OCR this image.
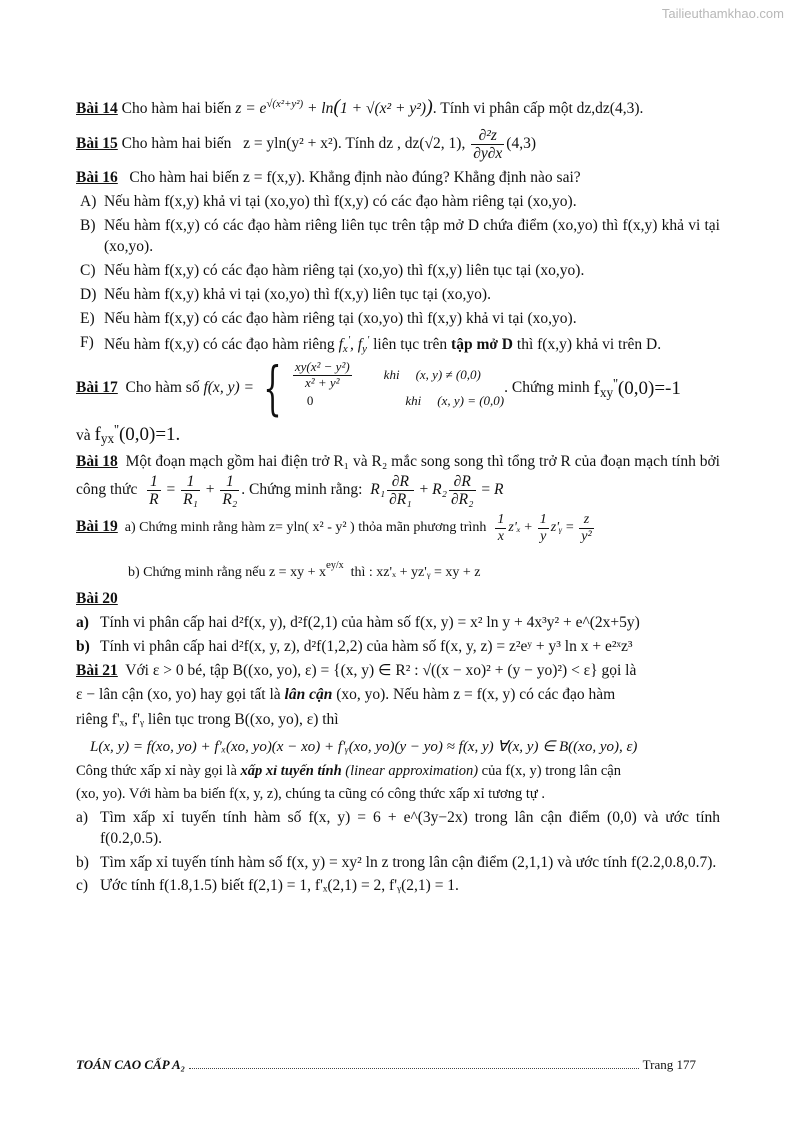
Tailieuthamkhao.com

Bài 14 Cho hàm hai biến $z = e^{√(x^2+y^2)} + \ln(1 + √(x^2 + y^2))$. Tính vi phân cấp một dz,dz(4,3).

Bài 15 Cho hàm hai biến z = yln(y² + x²). Tính dz , dz(√2, 1), $\frac{\text{∂²z}}{\partial y\partial x} (4,3)$

Bài 16 Cho hàm hai biến z = f(x,y). Khẳng định nào đúng? Khẳng định nào sai?

A) Nếu hàm f(x,y) khả vi tại (xo,yo) thì f(x,y) có các đạo hàm riêng tại (xo,yo).
B) Nếu hàm f(x,y) có các đạo hàm riêng liên tục trên tập mở D chứa điểm (xo,yo) thì f(x,y) khả vi tại (xo,yo).
C) Nếu hàm f(x,y) có các đạo hàm riêng tại (xo,yo) thì f(x,y) liên tục tại (xo,yo).
D) Nếu hàm f(x,y) khả vi tại (xo,yo) thì f(x,y) liên tục tại (xo,yo).
E) Nếu hàm f(x,y) có các đạo hàm riêng tại (xo,yo) thì f(x,y) khả vi tại (xo,yo).
F) Nếu hàm f(x,y) có các đạo hàm riêng $f_x'$, $f_y'$ liên tục trên tập mở D thì f(x,y) khả vi trên D.
Bài 17
Cho hàm số
f(x, y) = { $\frac{\text{xy(x² − y²)}}{\text{x² + y²}}$ khi (x, y) ≠ (0,0)
0	khi (x, y) = (0,0)
. Chứng minh
$f_{xy}''(0,0)=-1$

và $f_{yx}''(0,0)=1$.

Bài 18 Một đoạn mạch gồm hai điện trở R₁ và R₂ mắc song song thì tổng trở R của đoạn mạch tính bởi công thức $\frac{1}{R} = \frac{1}{\text{R₁}} + \frac{1}{\text{R₂}}$ . Chứng minh rằng: $R_1 \frac{\partial R}{\text{∂R₁}} + R_2 \frac{\partial R}{\text{∂R₂}} = R$

Bài 19 a) Chứng minh rằng hàm z= yln( x² - y² ) thỏa mãn phương trình $\frac{1}{x} z'_x + \frac{1}{y}$ z'ᵧ = $\frac{z}{\text{y²}}$

b) Chứng minh rằng nếu z = xy + xey/x thì : xz'ₓ + yz'ᵧ = xy + z

Bài 20

a) Tính vi phân cấp hai d²f(x, y), d²f(2,1) của hàm số f(x, y) = x² ln y + 4x³y² + e^(2x+5y)
b) Tính vi phân cấp hai d²f(x, y, z), d²f(1,2,2) của hàm số f(x, y, z) = z²eʸ + y³ ln x + e²ˣz³

Bài 21 Với ε > 0 bé, tập B((xo, yo), ε) = {(x, y) ∈ R² : √((x − xo)² + (y − yo)²) < ε} gọi là

ε − lân cận (xo, yo) hay gọi tất là lân cận (xo, yo). Nếu hàm z = f(x, y) có các đạo hàm

riêng f'ₓ, f'ᵧ liên tục trong B((xo, yo), ε) thì

L(x, y) = f(xo, yo) + f'ₓ(xo, yo)(x − xo) + f'ᵧ(xo, yo)(y − yo) ≈ f(x, y) ∀(x, y) ∈ B((xo, yo), ε)

Công thức xấp xỉ này gọi là xấp xỉ tuyến tính (linear approximation) của f(x, y) trong lân cận

(xo, yo). Với hàm ba biến f(x, y, z), chúng ta cũng có công thức xấp xỉ tương tự .

a) Tìm xấp xỉ tuyến tính hàm số f(x, y) = 6 + e^(3y−2x) trong lân cận điểm (0,0) và ước tính f(0.2,0.5).
b) Tìm xấp xỉ tuyến tính hàm số f(x, y) = xy² ln z trong lân cận điểm (2,1,1) và ước tính f(2.2,0.8,0.7).
c) Ước tính f(1.8,1.5) biết f(2,1) = 1, f'ₓ(2,1) = 2, f'ᵧ(2,1) = 1.
TOÁN CAO CẤP A₂	Trang 177
